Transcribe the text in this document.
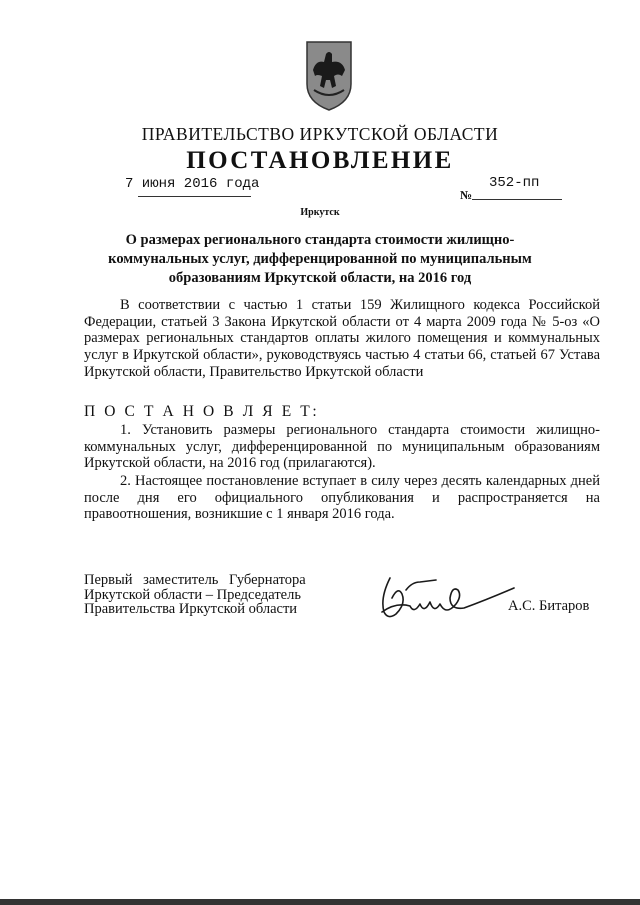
ПРАВИТЕЛЬСТВО ИРКУТСКОЙ ОБЛАСТИ
ПОСТАНОВЛЕНИЕ
7 июня 2016 года
№
352-пп
Иркутск
О размерах регионального стандарта стоимости жилищно-коммунальных услуг, дифференцированной по муниципальным образованиям Иркутской области, на 2016 год
В соответствии с частью 1 статьи 159 Жилищного кодекса Российской Федерации, статьей 3 Закона Иркутской области от 4 марта 2009 года № 5-оз «О размерах региональных стандартов оплаты жилого помещения и коммунальных услуг в Иркутской области», руководствуясь частью 4 статьи 66, статьей 67 Устава Иркутской области, Правительство Иркутской области
П О С Т А Н О В Л Я Е Т:
1. Установить размеры регионального стандарта стоимости жилищно-коммунальных услуг, дифференцированной по муниципальным образованиям Иркутской области, на 2016 год (прилагаются).
2. Настоящее постановление вступает в силу через десять календарных дней после дня его официального опубликования и распространяется на правоотношения, возникшие с 1 января 2016 года.
Первый заместитель Губернатора
Иркутской области – Председатель
Правительства Иркутской области	А.С. Битаров
